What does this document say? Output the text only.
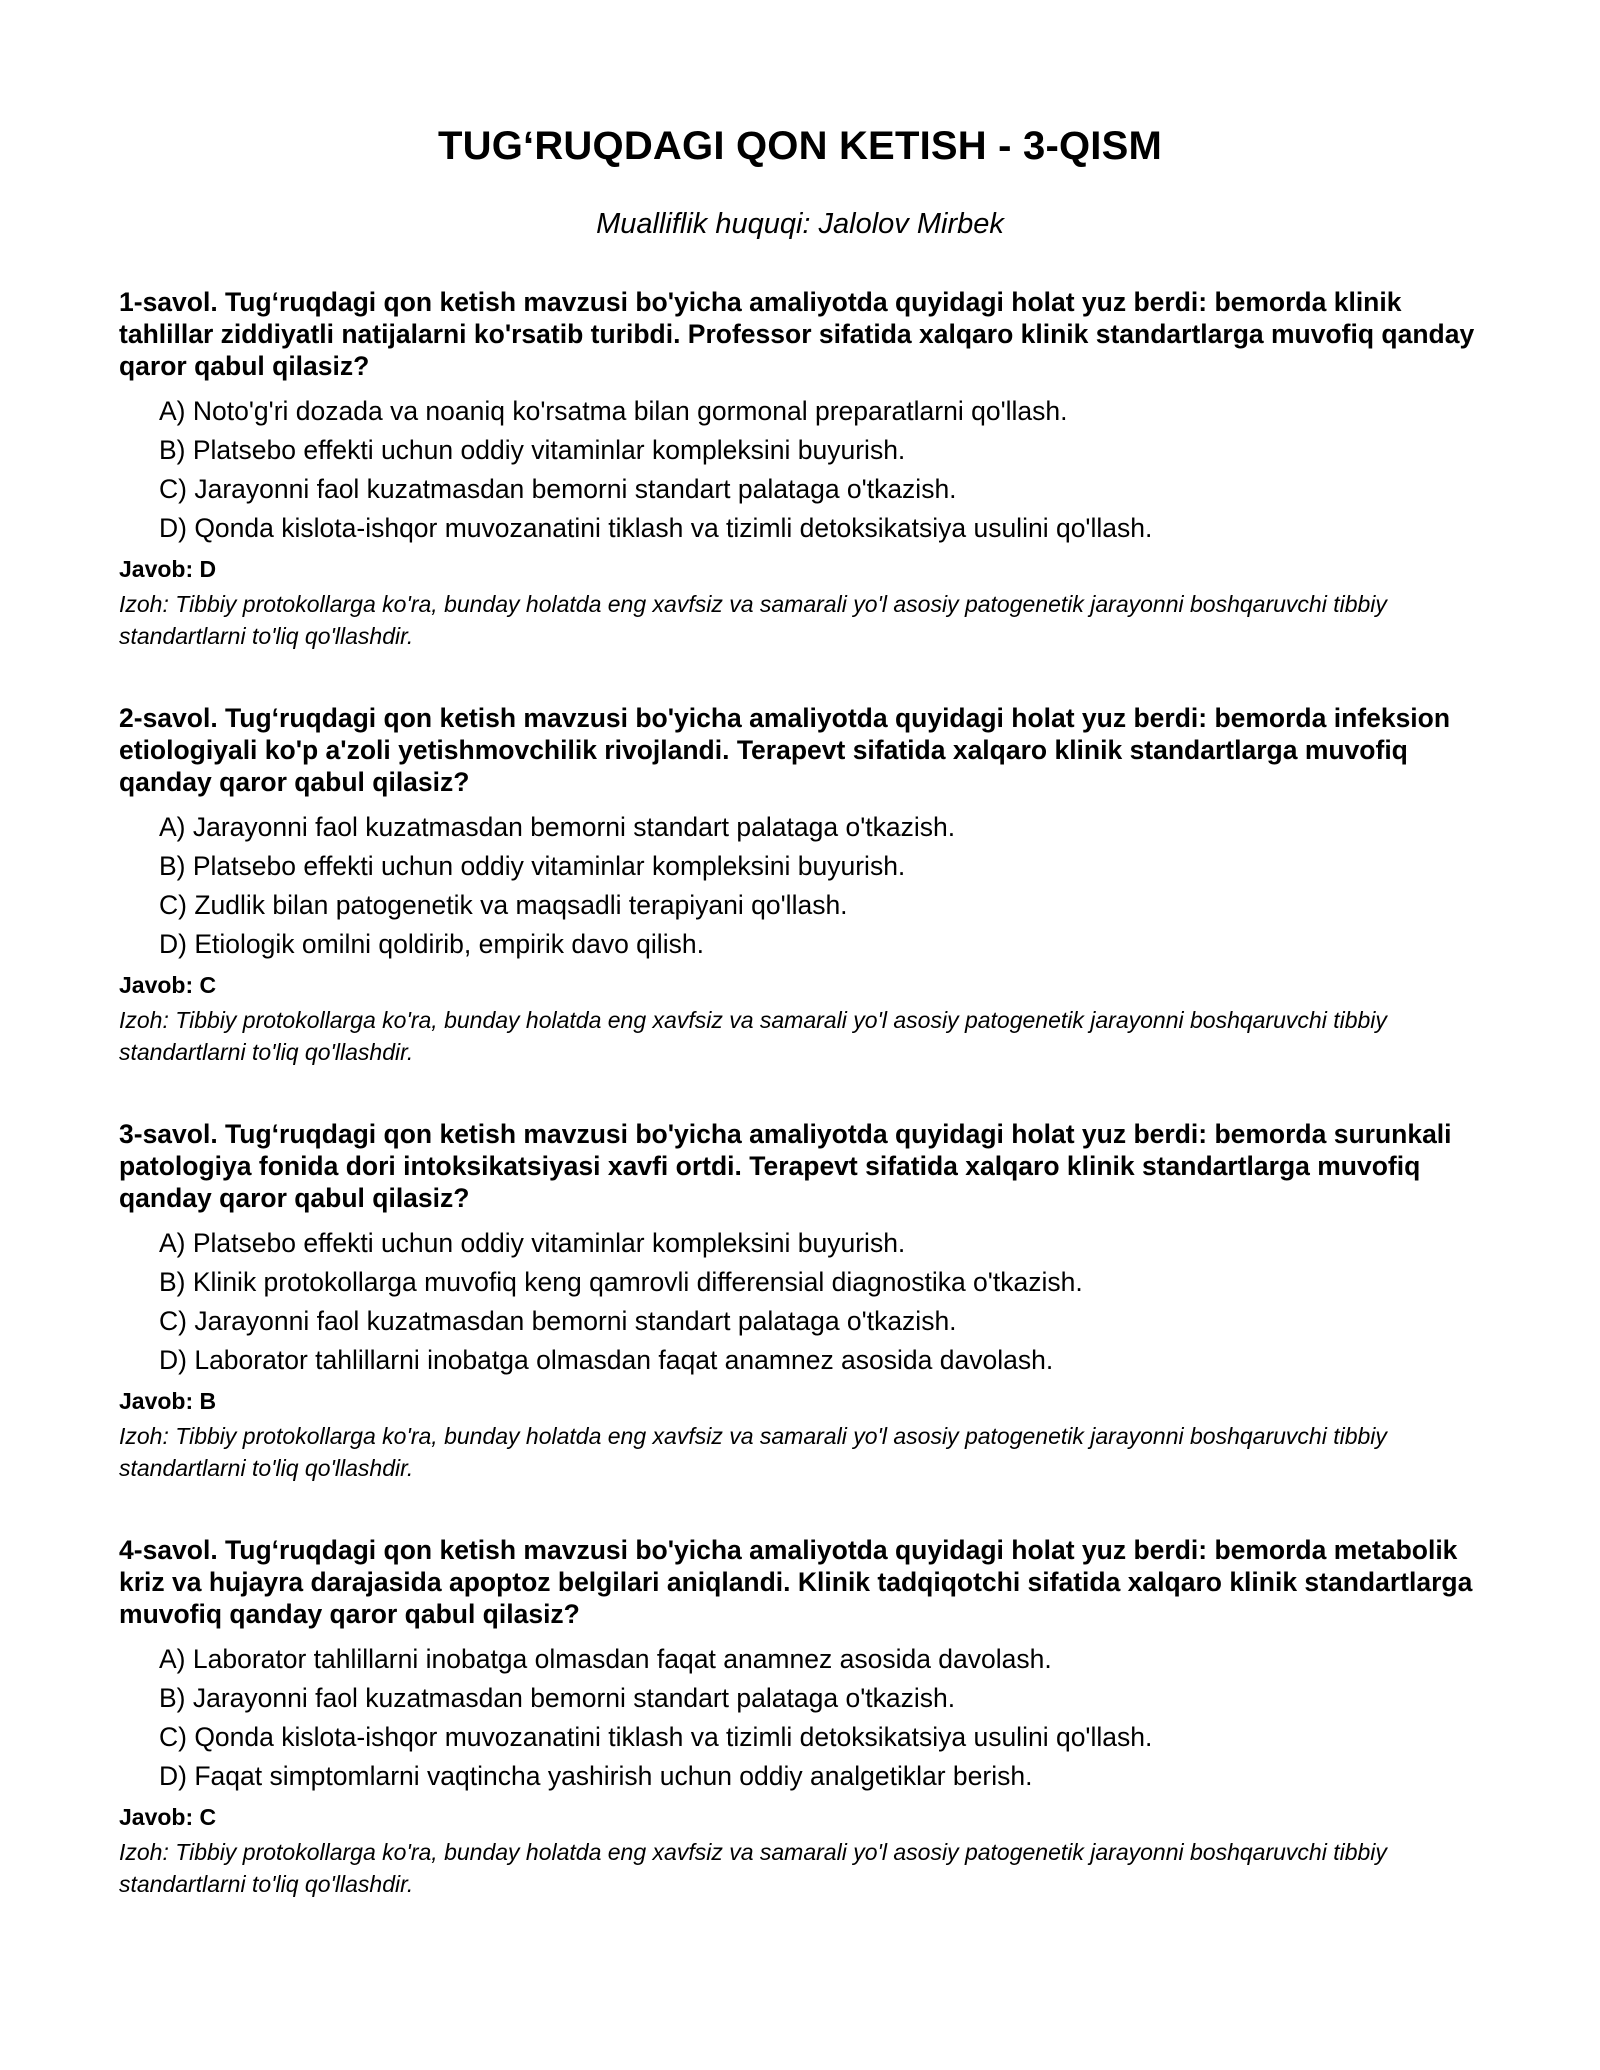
TUG‘RUQDAGI QON KETISH - 3-QISM
Mualliflik huquqi: Jalolov Mirbek
1-savol. Tug‘ruqdagi qon ketish mavzusi bo'yicha amaliyotda quyidagi holat yuz berdi: bemorda klinik tahlillar ziddiyatli natijalarni ko'rsatib turibdi. Professor sifatida xalqaro klinik standartlarga muvofiq qanday qaror qabul qilasiz?
A) Noto'g'ri dozada va noaniq ko'rsatma bilan gormonal preparatlarni qo'llash.
B) Platsebo effekti uchun oddiy vitaminlar kompleksini buyurish.
C) Jarayonni faol kuzatmasdan bemorni standart palataga o'tkazish.
D) Qonda kislota-ishqor muvozanatini tiklash va tizimli detoksikatsiya usulini qo'llash.
Javob: D
Izoh: Tibbiy protokollarga ko'ra, bunday holatda eng xavfsiz va samarali yo'l asosiy patogenetik jarayonni boshqaruvchi tibbiy standartlarni to'liq qo'llashdir.
2-savol. Tug‘ruqdagi qon ketish mavzusi bo'yicha amaliyotda quyidagi holat yuz berdi: bemorda infeksion etiologiyali ko'p a'zoli yetishmovchilik rivojlandi. Terapevt sifatida xalqaro klinik standartlarga muvofiq qanday qaror qabul qilasiz?
A) Jarayonni faol kuzatmasdan bemorni standart palataga o'tkazish.
B) Platsebo effekti uchun oddiy vitaminlar kompleksini buyurish.
C) Zudlik bilan patogenetik va maqsadli terapiyani qo'llash.
D) Etiologik omilni qoldirib, empirik davo qilish.
Javob: C
Izoh: Tibbiy protokollarga ko'ra, bunday holatda eng xavfsiz va samarali yo'l asosiy patogenetik jarayonni boshqaruvchi tibbiy standartlarni to'liq qo'llashdir.
3-savol. Tug‘ruqdagi qon ketish mavzusi bo'yicha amaliyotda quyidagi holat yuz berdi: bemorda surunkali patologiya fonida dori intoksikatsiyasi xavfi ortdi. Terapevt sifatida xalqaro klinik standartlarga muvofiq qanday qaror qabul qilasiz?
A) Platsebo effekti uchun oddiy vitaminlar kompleksini buyurish.
B) Klinik protokollarga muvofiq keng qamrovli differensial diagnostika o'tkazish.
C) Jarayonni faol kuzatmasdan bemorni standart palataga o'tkazish.
D) Laborator tahlillarni inobatga olmasdan faqat anamnez asosida davolash.
Javob: B
Izoh: Tibbiy protokollarga ko'ra, bunday holatda eng xavfsiz va samarali yo'l asosiy patogenetik jarayonni boshqaruvchi tibbiy standartlarni to'liq qo'llashdir.
4-savol. Tug‘ruqdagi qon ketish mavzusi bo'yicha amaliyotda quyidagi holat yuz berdi: bemorda metabolik kriz va hujayra darajasida apoptoz belgilari aniqlandi. Klinik tadqiqotchi sifatida xalqaro klinik standartlarga muvofiq qanday qaror qabul qilasiz?
A) Laborator tahlillarni inobatga olmasdan faqat anamnez asosida davolash.
B) Jarayonni faol kuzatmasdan bemorni standart palataga o'tkazish.
C) Qonda kislota-ishqor muvozanatini tiklash va tizimli detoksikatsiya usulini qo'llash.
D) Faqat simptomlarni vaqtincha yashirish uchun oddiy analgetiklar berish.
Javob: C
Izoh: Tibbiy protokollarga ko'ra, bunday holatda eng xavfsiz va samarali yo'l asosiy patogenetik jarayonni boshqaruvchi tibbiy standartlarni to'liq qo'llashdir.
